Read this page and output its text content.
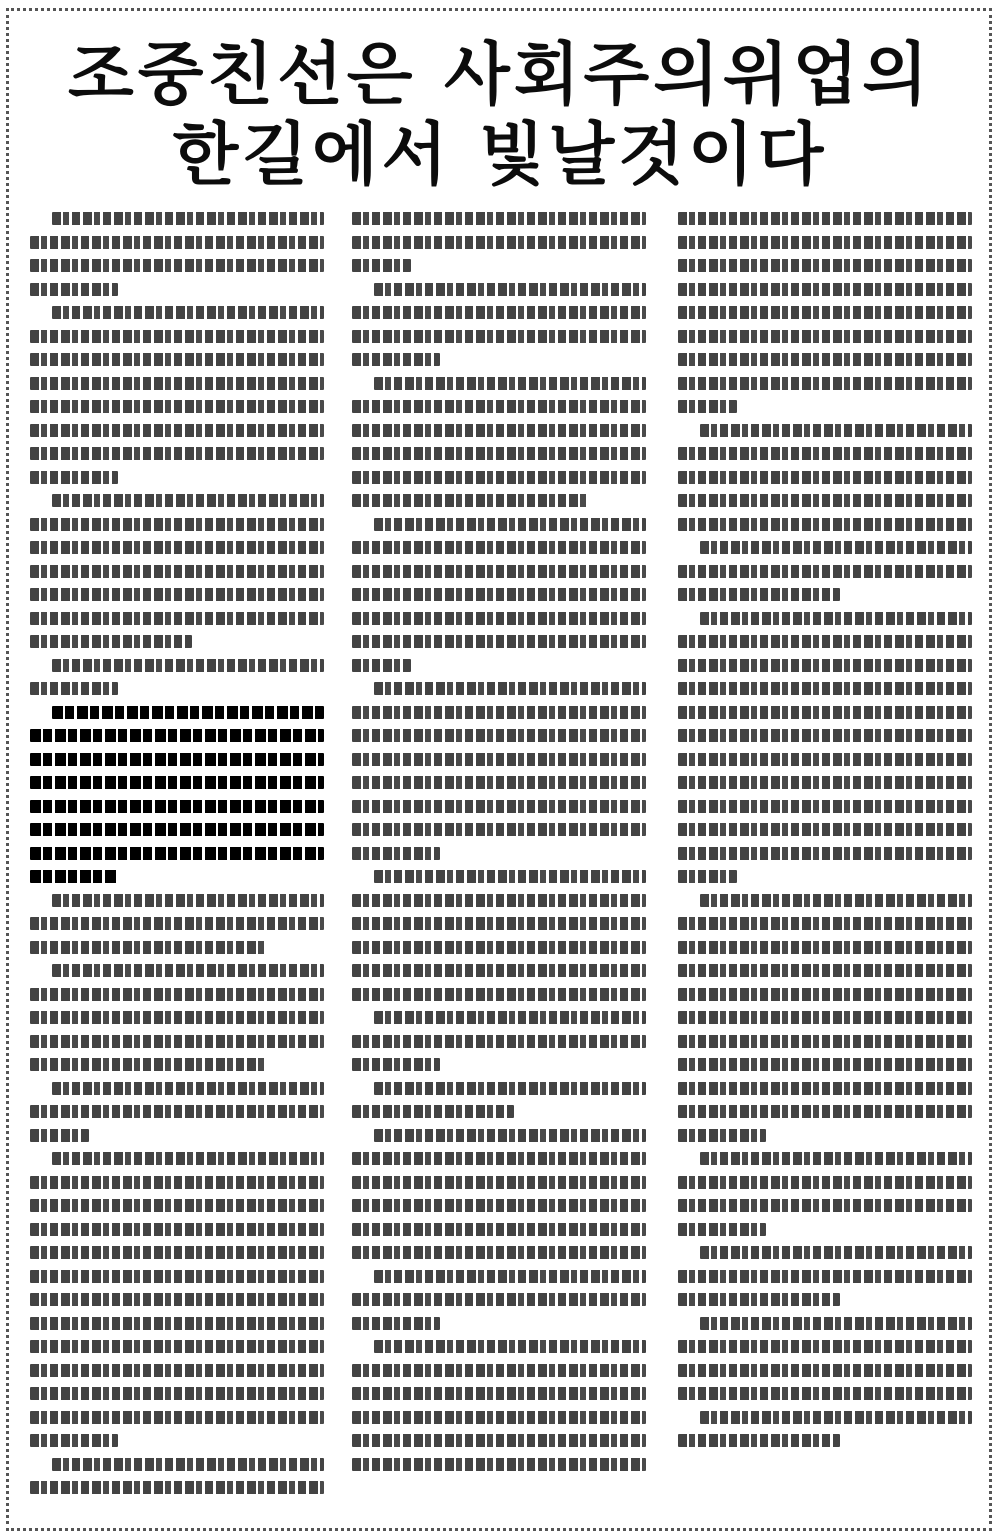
조중친선은 사회주의위업의
한길에서 빛날것이다
